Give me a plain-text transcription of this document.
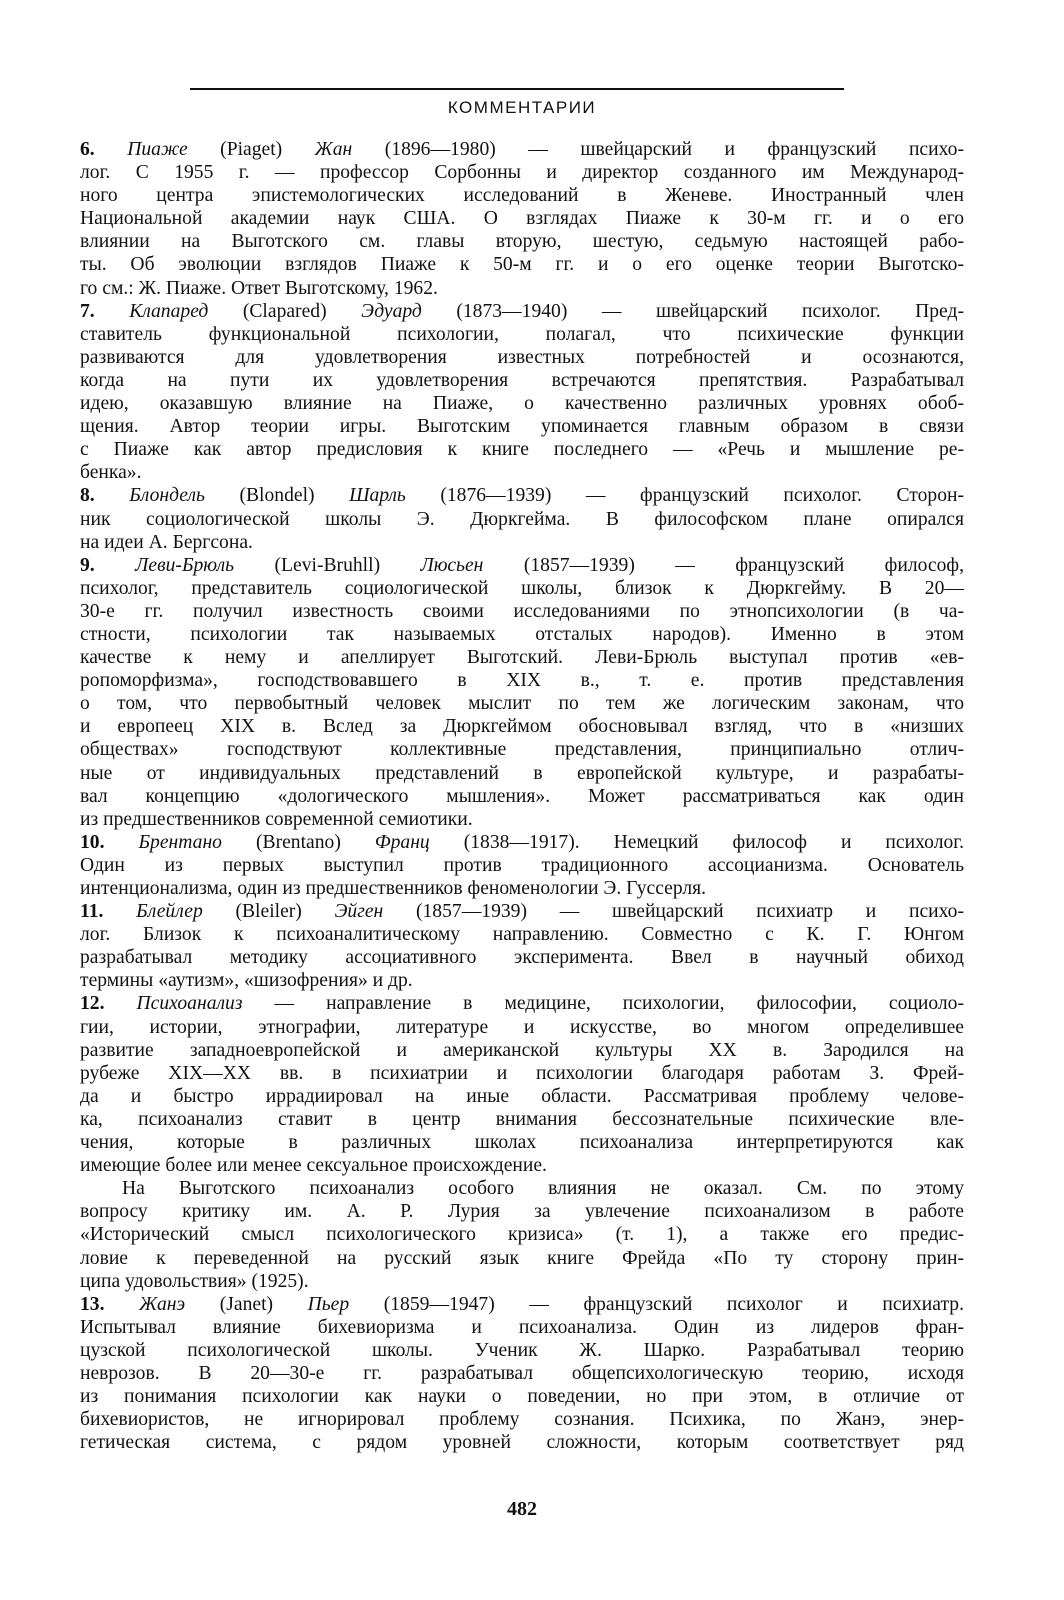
КОММЕНТАРИИ
6. Пиаже (Piaget) Жан (1896—1980) — швейцарский и французский психо-
лог. С 1955 г. — профессор Сорбонны и директор созданного им Международ-
ного центра эпистемологических исследований в Женеве. Иностранный член
Национальной академии наук США. О взглядах Пиаже к 30-м гг. и о его
влиянии на Выготского см. главы вторую, шестую, седьмую настоящей рабо-
ты. Об эволюции взглядов Пиаже к 50-м гг. и о его оценке теории Выготско-
го см.: Ж. Пиаже. Ответ Выготскому, 1962.
7. Клапаред (Clapared) Эдуард (1873—1940) — швейцарский психолог. Пред-
ставитель функциональной психологии, полагал, что психические функции
развиваются для удовлетворения известных потребностей и осознаются,
когда на пути их удовлетворения встречаются препятствия. Разрабатывал
идею, оказавшую влияние на Пиаже, о качественно различных уровнях обоб-
щения. Автор теории игры. Выготским упоминается главным образом в связи
с Пиаже как автор предисловия к книге последнего — «Речь и мышление ре-
бенка».
8. Блондель (Blondel) Шарль (1876—1939) — французский психолог. Сторон-
ник социологической школы Э. Дюркгейма. В философском плане опирался
на идеи А. Бергсона.
9. Леви-Брюль (Levi-Bruhll) Люсьен (1857—1939) — французский философ,
психолог, представитель социологической школы, близок к Дюркгейму. В 20—
30-е гг. получил известность своими исследованиями по этнопсихологии (в ча-
стности, психологии так называемых отсталых народов). Именно в этом
качестве к нему и апеллирует Выготский. Леви-Брюль выступал против «ев-
ропоморфизма», господствовавшего в XIX в., т. е. против представления
о том, что первобытный человек мыслит по тем же логическим законам, что
и европеец XIX в. Вслед за Дюркгеймом обосновывал взгляд, что в «низших
обществах» господствуют коллективные представления, принципиально отлич-
ные от индивидуальных представлений в европейской культуре, и разрабаты-
вал концепцию «дологического мышления». Может рассматриваться как один
из предшественников современной семиотики.
10. Брентано (Brentano) Франц (1838—1917). Немецкий философ и психолог.
Один из первых выступил против традиционного ассоцианизма. Основатель
интенционализма, один из предшественников феноменологии Э. Гуссерля.
11. Блейлер (Bleiler) Эйген (1857—1939) — швейцарский психиатр и психо-
лог. Близок к психоаналитическому направлению. Совместно с К. Г. Юнгом
разрабатывал методику ассоциативного эксперимента. Ввел в научный обиход
термины «аутизм», «шизофрения» и др.
12. Психоанализ — направление в медицине, психологии, философии, социоло-
гии, истории, этнографии, литературе и искусстве, во многом определившее
развитие западноевропейской и американской культуры XX в. Зародился на
рубеже XIX—XX вв. в психиатрии и психологии благодаря работам З. Фрей-
да и быстро иррадиировал на иные области. Рассматривая проблему челове-
ка, психоанализ ставит в центр внимания бессознательные психические вле-
чения, которые в различных школах психоанализа интерпретируются как
имеющие более или менее сексуальное происхождение.
На Выготского психоанализ особого влияния не оказал. См. по этому
вопросу критику им. А. Р. Лурия за увлечение психоанализом в работе
«Исторический смысл психологического кризиса» (т. 1), а также его предис-
ловие к переведенной на русский язык книге Фрейда «По ту сторону прин-
ципа удовольствия» (1925).
13. Жанэ (Janet) Пьер (1859—1947) — французский психолог и психиатр.
Испытывал влияние бихевиоризма и психоанализа. Один из лидеров фран-
цузской психологической школы. Ученик Ж. Шарко. Разрабатывал теорию
неврозов. В 20—30-е гг. разрабатывал общепсихологическую теорию, исходя
из понимания психологии как науки о поведении, но при этом, в отличие от
бихевиористов, не игнорировал проблему сознания. Психика, по Жанэ, энер-
гетическая система, с рядом уровней сложности, которым соответствует ряд
482
